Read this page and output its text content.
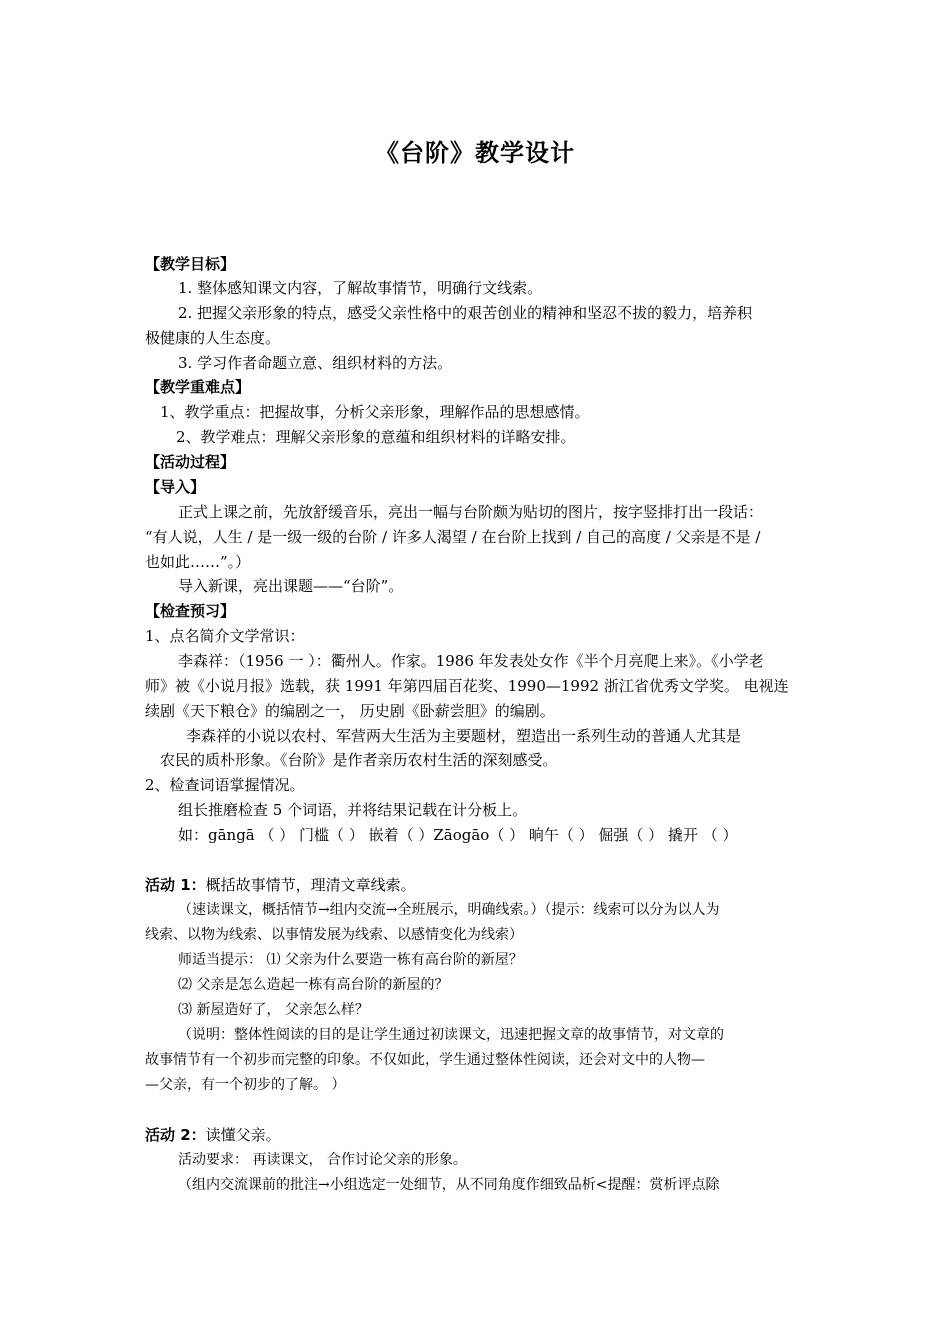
《台阶》教学设计
【教学目标】
1. 整体感知课文内容，了解故事情节，明确行文线索。
2. 把握父亲形象的特点，感受父亲性格中的艰苦创业的精神和坚忍不拔的毅力，培养积
极健康的人生态度。
3. 学习作者命题立意、组织材料的方法。
【教学重难点】
1、教学重点：把握故事，分析父亲形象，理解作品的思想感情。
2、教学难点：理解父亲形象的意蕴和组织材料的详略安排。
【活动过程】
【导入】
正式上课之前，先放舒缓音乐，亮出一幅与台阶颇为贴切的图片，按字竖排打出一段话：
“有人说，人生 / 是一级一级的台阶 / 许多人渴望 / 在台阶上找到 / 自己的高度 / 父亲是不是 /
也如此……”。）
导入新课，亮出课题——“台阶”。
【检查预习】
1、点名简介文学常识：
李森祥：（1956 一 ）：衢州人。作家。1986 年发表处女作《半个月亮爬上来》。《小学老
师》被《小说月报》选载，获 1991 年第四届百花奖、1990—1992 浙江省优秀文学奖。 电视连
续剧《天下粮仓》的编剧之一， 历史剧《卧薪尝胆》的编剧。
李森祥的小说以农村、军营两大生活为主要题材，塑造出一系列生动的普通人尤其是
农民的质朴形象。《台阶》是作者亲历农村生活的深刻感受。
2、检查词语掌握情况。
组长推磨检查 5 个词语，并将结果记载在计分板上。
如：gāngā （ ） 门槛（ ） 嵌着（ ）Zāogāo（ ） 晌午（ ） 倔强（ ） 撬开 （ ）
活动 1：概括故事情节，理清文章线索。
（速读课文，概括情节→组内交流→全班展示，明确线索。）（提示：线索可以分为以人为
线索、以物为线索、以事情发展为线索、以感情变化为线索）
师适当提示： ⑴ 父亲为什么要造一栋有高台阶的新屋？
⑵ 父亲是怎么造起一栋有高台阶的新屋的？
⑶ 新屋造好了， 父亲怎么样？
（说明：整体性阅读的目的是让学生通过初读课文，迅速把握文章的故事情节，对文章的
故事情节有一个初步而完整的印象。不仅如此，学生通过整体性阅读，还会对文中的人物—
—父亲，有一个初步的了解。 ）
活动 2：读懂父亲。
活动要求： 再读课文， 合作讨论父亲的形象。
（组内交流课前的批注→小组选定一处细节，从不同角度作细致品析<提醒：赏析评点除
